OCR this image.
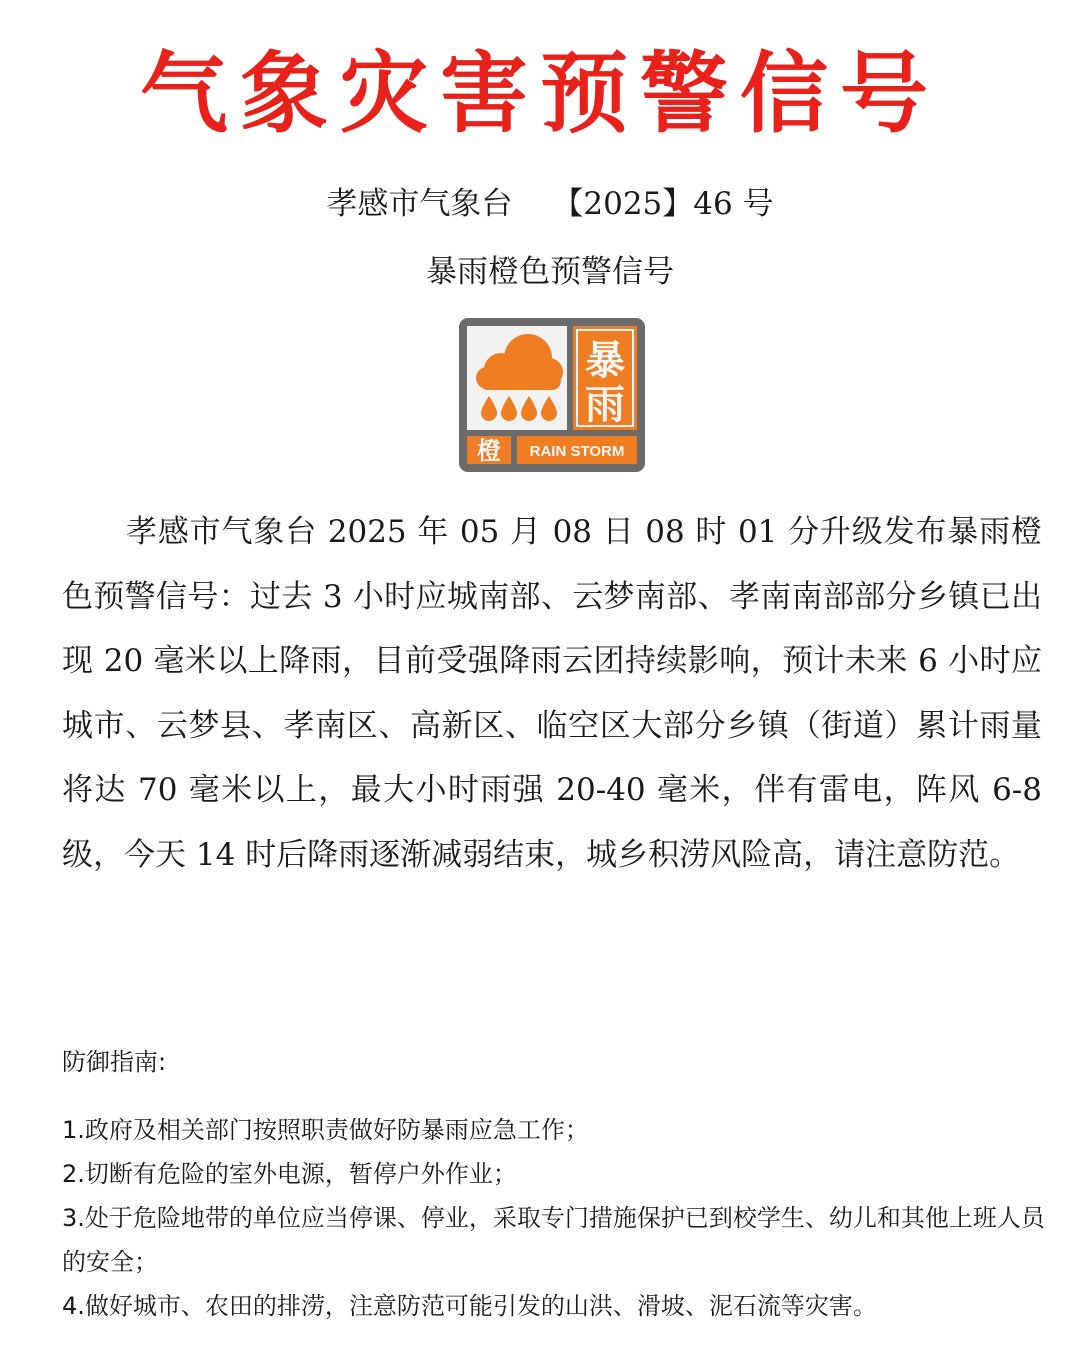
气象灾害预警信号
孝感市气象台 【2025】46 号
暴雨橙色预警信号
暴
雨
橙 RAIN STORM

孝感市气象台 2025 年 05 月 08 日 08 时 01 分升级发布暴雨橙色预警信号：过去 3 小时应城南部、云梦南部、孝南南部部分乡镇已出现 20 毫米以上降雨，目前受强降雨云团持续影响，预计未来 6 小时应城市、云梦县、孝南区、高新区、临空区大部分乡镇（街道）累计雨量将达 70 毫米以上，最大小时雨强 20-40 毫米，伴有雷电，阵风 6-8 级，今天 14 时后降雨逐渐减弱结束，城乡积涝风险高，请注意防范。

防御指南:

1.政府及相关部门按照职责做好防暴雨应急工作；
2.切断有危险的室外电源，暂停户外作业；
3.处于危险地带的单位应当停课、停业，采取专门措施保护已到校学生、幼儿和其他上班人员的安全；
4.做好城市、农田的排涝，注意防范可能引发的山洪、滑坡、泥石流等灾害。
